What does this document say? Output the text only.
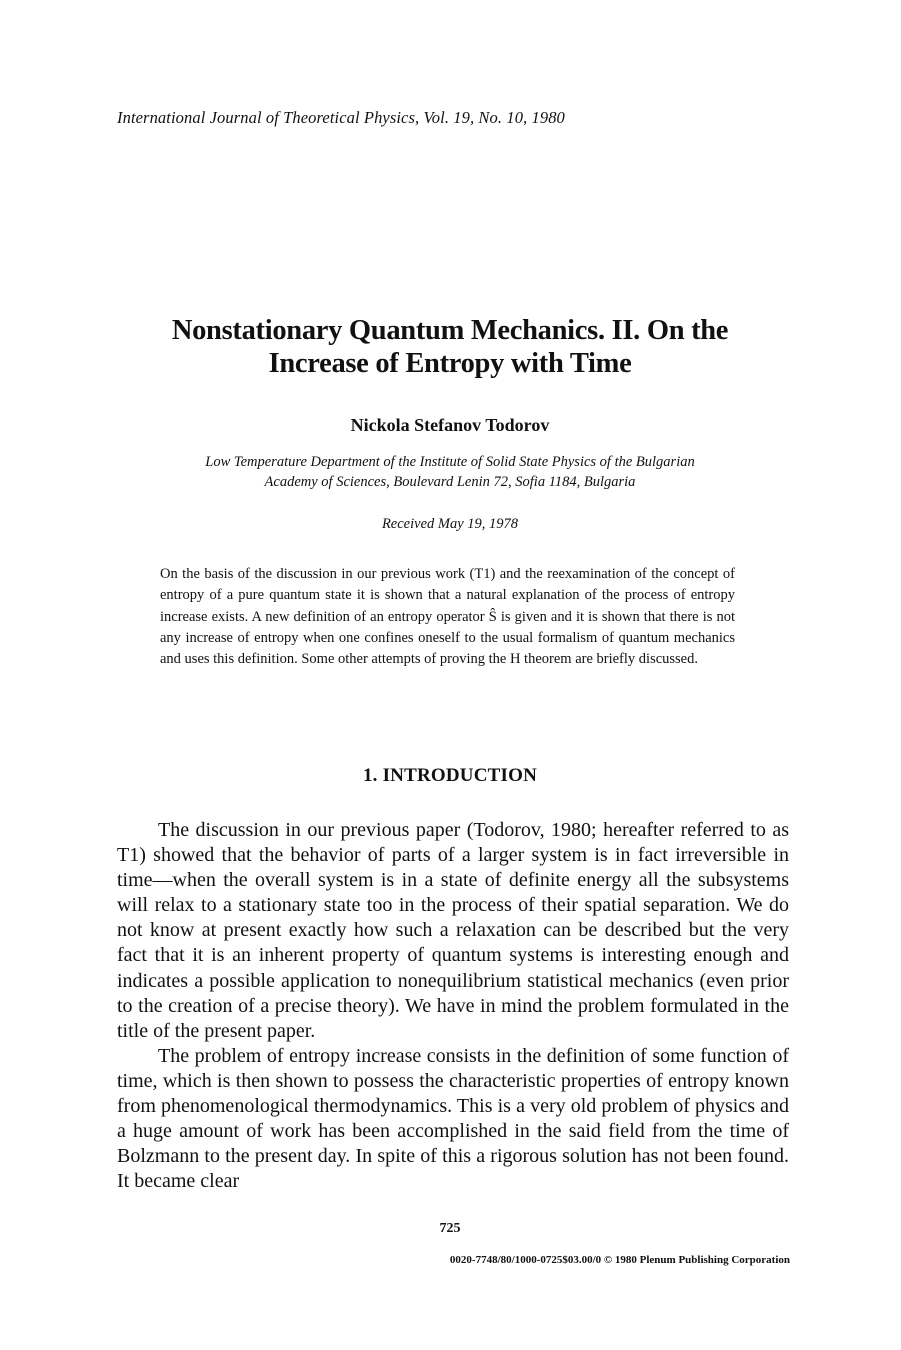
International Journal of Theoretical Physics, Vol. 19, No. 10, 1980
Nonstationary Quantum Mechanics. II. On the
Increase of Entropy with Time
Nickola Stefanov Todorov
Low Temperature Department of the Institute of Solid State Physics of the Bulgarian
Academy of Sciences, Boulevard Lenin 72, Sofia 1184, Bulgaria
Received May 19, 1978
On the basis of the discussion in our previous work (T1) and the reexamination of the concept of entropy of a pure quantum state it is shown that a natural explanation of the process of entropy increase exists. A new definition of an entropy operator Ŝ is given and it is shown that there is not any increase of entropy when one confines oneself to the usual formalism of quantum mechanics and uses this definition. Some other attempts of proving the H theorem are briefly discussed.
1. INTRODUCTION

The discussion in our previous paper (Todorov, 1980; hereafter referred to as T1) showed that the behavior of parts of a larger system is in fact irreversible in time—when the overall system is in a state of definite energy all the subsystems will relax to a stationary state too in the process of their spatial separation. We do not know at present exactly how such a relaxation can be described but the very fact that it is an inherent property of quantum systems is interesting enough and indicates a possible application to nonequilibrium statistical mechanics (even prior to the creation of a precise theory). We have in mind the problem formulated in the title of the present paper.

The problem of entropy increase consists in the definition of some function of time, which is then shown to possess the characteristic properties of entropy known from phenomenological thermodynamics. This is a very old problem of physics and a huge amount of work has been accomplished in the said field from the time of Bolzmann to the present day. In spite of this a rigorous solution has not been found. It became clear

725
0020-7748/80/1000-0725$03.00/0 © 1980 Plenum Publishing Corporation
